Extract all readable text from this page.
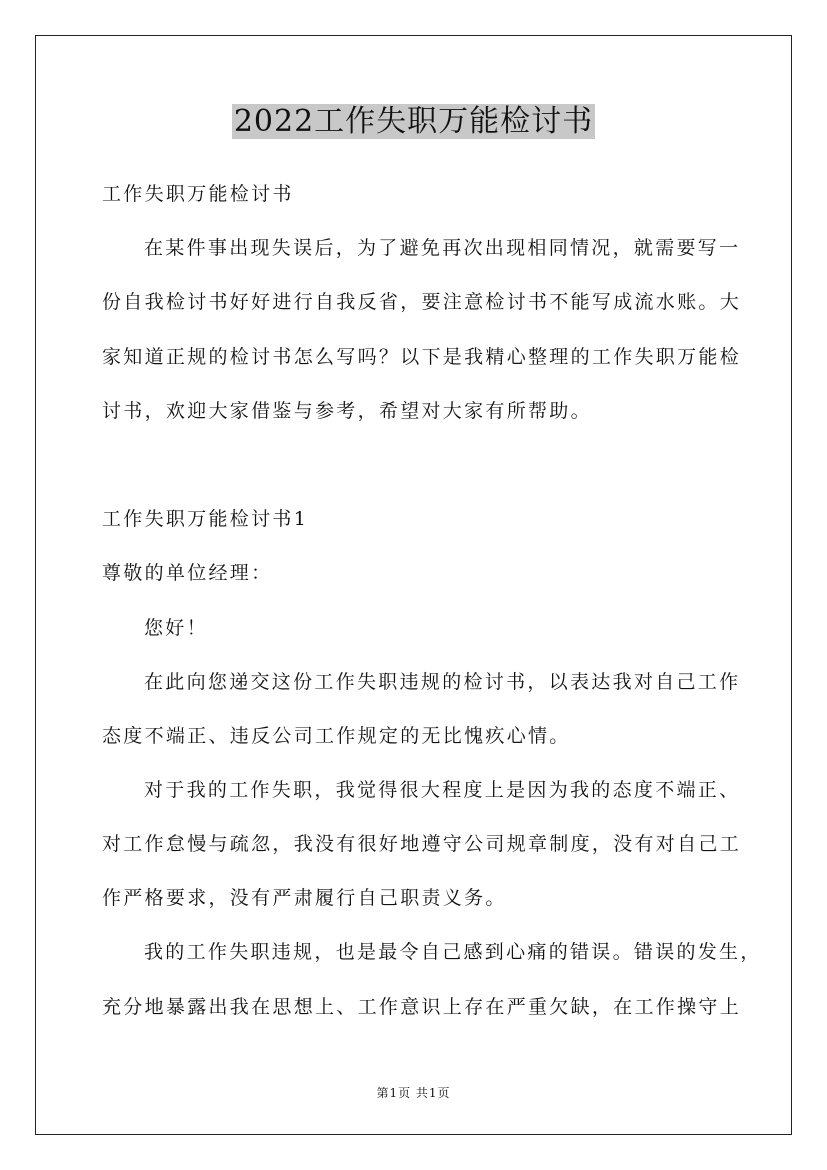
2022工作失职万能检讨书
工作失职万能检讨书
在某件事出现失误后，为了避免再次出现相同情况，就需要写一
份自我检讨书好好进行自我反省，要注意检讨书不能写成流水账。大
家知道正规的检讨书怎么写吗？以下是我精心整理的工作失职万能检
讨书，欢迎大家借鉴与参考，希望对大家有所帮助。
工作失职万能检讨书1
尊敬的单位经理：
您好！
在此向您递交这份工作失职违规的检讨书，以表达我对自己工作
态度不端正、违反公司工作规定的无比愧疚心情。
对于我的工作失职，我觉得很大程度上是因为我的态度不端正、
对工作怠慢与疏忽，我没有很好地遵守公司规章制度，没有对自己工
作严格要求，没有严肃履行自己职责义务。
我的工作失职违规，也是最令自己感到心痛的错误。错误的发生，
充分地暴露出我在思想上、工作意识上存在严重欠缺，在工作操守上
第1页 共1页
